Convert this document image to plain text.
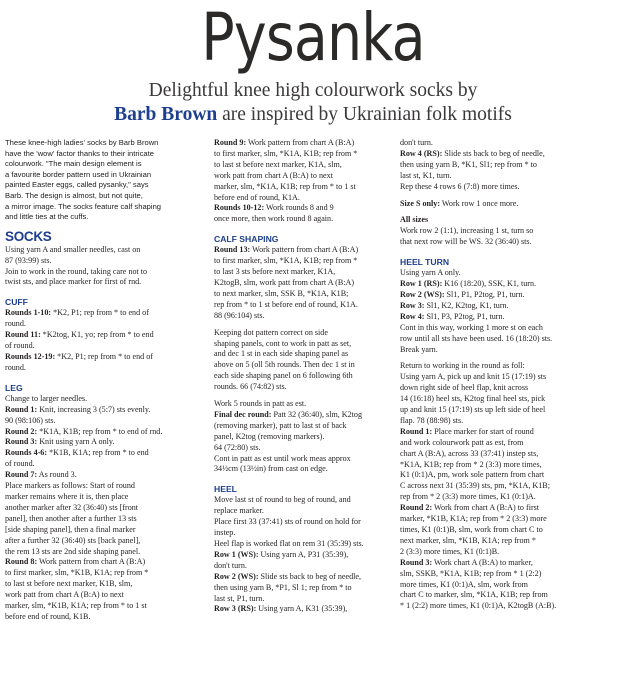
Pysanka
Delightful knee high colourwork socks by
Barb Brown are inspired by Ukrainian folk motifs
These knee-high ladies' socks by Barb Brown
have the 'wow' factor thanks to their intricate
colourwork. "The main design element is
a favourite border pattern used in Ukrainian
painted Easter eggs, called pysanky," says
Barb. The design is almost, but not quite,
a mirror image. The socks feature calf shaping
and little ties at the cuffs.
SOCKS
Using yarn A and smaller needles, cast on
87 (93:99) sts.
Join to work in the round, taking care not to
twist sts, and place marker for first of rnd.
CUFF
Rounds 1-10: *K2, P1; rep from * to end of
round.
Round 11: *K2tog, K1, yo; rep from * to end
of round.
Rounds 12-19: *K2, P1; rep from * to end of
round.
LEG
Change to larger needles.
Round 1: Knit, increasing 3 (5:7) sts evenly.
90 (98:106) sts.
Round 2: *K1A, K1B; rep from * to end of rnd.
Round 3: Knit using yarn A only.
Rounds 4-6: *K1B, K1A; rep from * to end
of round.
Round 7: As round 3.
Place markers as follows: Start of round
marker remains where it is, then place
another marker after 32 (36:40) sts [front
panel], then another after a further 13 sts
[side shaping panel], then a final marker
after a further 32 (36:40) sts [back panel],
the rem 13 sts are 2nd side shaping panel.
Round 8: Work pattern from chart A (B:A)
to first marker, slm, *K1B, K1A; rep from *
to last st before next marker, K1B, slm,
work patt from chart A (B:A) to next
marker, slm, *K1B, K1A; rep from * to 1 st
before end of round, K1B.
Round 9: Work pattern from chart A (B:A)
to first marker, slm, *K1A, K1B; rep from *
to last st before next marker, K1A, slm,
work patt from chart A (B:A) to next
marker, slm, *K1A, K1B; rep from * to 1 st
before end of round, K1A.
Rounds 10-12: Work rounds 8 and 9
once more, then work round 8 again.
CALF SHAPING
Round 13: Work pattern from chart A (B:A)
to first marker, slm, *K1A, K1B; rep from *
to last 3 sts before next marker, K1A,
K2togB, slm, work patt from chart A (B:A)
to next marker, slm, SSK B, *K1A, K1B;
rep from * to 1 st before end of round, K1A.
88 (96:104) sts.
Keeping dot pattern correct on side
shaping panels, cont to work in patt as set,
and dec 1 st in each side shaping panel as
above on 5 (oll 5th rounds. Then dec 1 st in
each side shaping panel on 6 following 6th
rounds. 66 (74:82) sts.
Work 5 rounds in patt as est.
Final dec round: Patt 32 (36:40), slm, K2tog
(removing marker), patt to last st of back
panel, K2tog (removing markers).
64 (72:80) sts.
Cont in patt as est until work meas approx
34½cm (13½in) from cast on edge.
HEEL
Move last st of round to beg of round, and
replace marker.
Place first 33 (37:41) sts of round on hold for
instep.
Heel flap is worked flat on rem 31 (35:39) sts.
Row 1 (WS): Using yarn A, P31 (35:39),
don't turn.
Row 2 (WS): Slide sts back to beg of needle,
then using yarn B, *P1, Sl 1; rep from * to
last st, P1, turn.
Row 3 (RS): Using yarn A, K31 (35:39),
don't turn.
Row 4 (RS): Slide sts back to beg of needle,
then using yarn B, *K1, Sl1; rep from * to
last st, K1, turn.
Rep these 4 rows 6 (7:8) more times.
Size S only: Work row 1 once more.
All sizes
Work row 2 (1:1), increasing 1 st, turn so
that next row will be WS. 32 (36:40) sts.
HEEL TURN
Using yarn A only.
Row 1 (RS): K16 (18:20), SSK, K1, turn.
Row 2 (WS): Sl1, P1, P2tog, P1, turn.
Row 3: Sl1, K2, K2tog, K1, turn.
Row 4: Sl1, P3, P2tog, P1, turn.
Cont in this way, working 1 more st on each
row until all sts have been used. 16 (18:20) sts.
Break yarn.
Return to working in the round as foll:
Using yarn A, pick up and knit 15 (17:19) sts
down right side of heel flap, knit across
14 (16:18) heel sts, K2tog final heel sts, pick
up and knit 15 (17:19) sts up left side of heel
flap. 78 (88:98) sts.
Round 1: Place marker for start of round
and work colourwork patt as est, from
chart A (B:A), across 33 (37:41) instep sts,
*K1A, K1B; rep from * 2 (3:3) more times,
K1 (0:1)A, pm, work sole pattern from chart
C across next 31 (35:39) sts, pm, *K1A, K1B;
rep from * 2 (3:3) more times, K1 (0:1)A.
Round 2: Work from chart A (B:A) to first
marker, *K1B, K1A; rep from * 2 (3:3) more
times, K1 (0:1)B, slm, work from chart C to
next marker, slm, *K1B, K1A; rep from *
2 (3:3) more times, K1 (0:1)B.
Round 3: Work chart A (B:A) to marker,
slm, SSKB, *K1A, K1B; rep from * 1 (2:2)
more times, K1 (0:1)A, slm, work from
chart C to marker, slm, *K1A, K1B; rep from
* 1 (2:2) more times, K1 (0:1)A, K2togB (A:B).
